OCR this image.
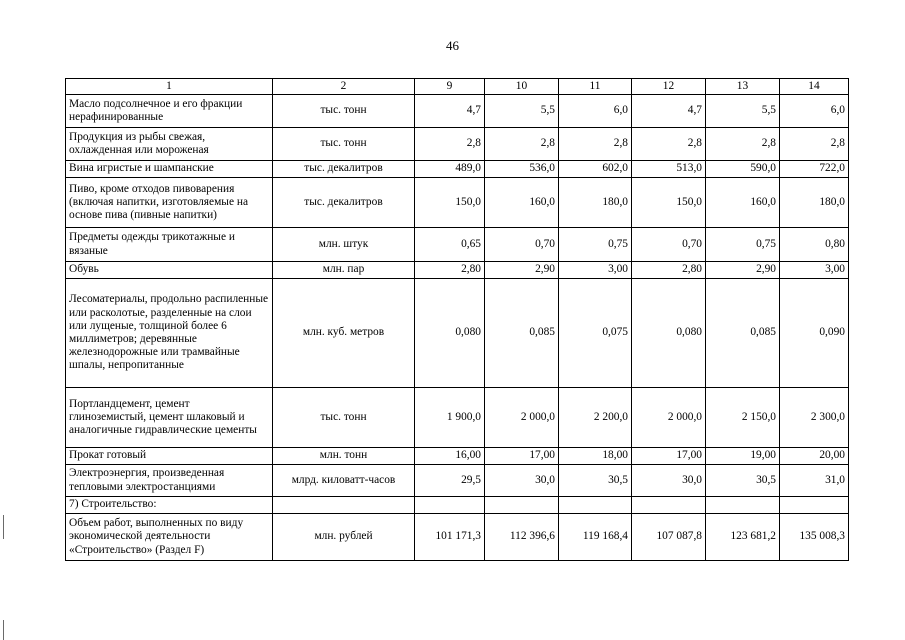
46
1	2	9	10	11	12	13	14
Масло подсолнечное и его фракции нерафинированные	тыс. тонн	4,7	5,5	6,0	4,7	5,5	6,0
Продукция из рыбы свежая, охлажденная или мороженая	тыс. тонн	2,8	2,8	2,8	2,8	2,8	2,8
Вина игристые и шампанские	тыс. декалитров	489,0	536,0	602,0	513,0	590,0	722,0
Пиво, кроме отходов пивоварения (включая напитки, изготовляемые на основе пива (пивные напитки)	тыс. декалитров	150,0	160,0	180,0	150,0	160,0	180,0
Предметы одежды трикотажные и вязаные	млн. штук	0,65	0,70	0,75	0,70	0,75	0,80
Обувь	млн. пар	2,80	2,90	3,00	2,80	2,90	3,00
Лесоматериалы, продольно распиленные или расколотые, разделенные на слои или лущеные, толщиной более 6 миллиметров; деревянные железнодорожные или трамвайные шпалы, непропитанные	млн. куб. метров	0,080	0,085	0,075	0,080	0,085	0,090
Портландцемент, цемент глиноземистый, цемент шлаковый и аналогичные гидравлические цементы	тыс. тонн	1 900,0	2 000,0	2 200,0	2 000,0	2 150,0	2 300,0
Прокат готовый	млн. тонн	16,00	17,00	18,00	17,00	19,00	20,00
Электроэнергия, произведенная тепловыми электростанциями	млрд. киловатт-часов	29,5	30,0	30,5	30,0	30,5	31,0
7) Строительство:							
Объем работ, выполненных по виду экономической деятельности «Строительство» (Раздел F)	млн. рублей	101 171,3	112 396,6	119 168,4	107 087,8	123 681,2	135 008,3
